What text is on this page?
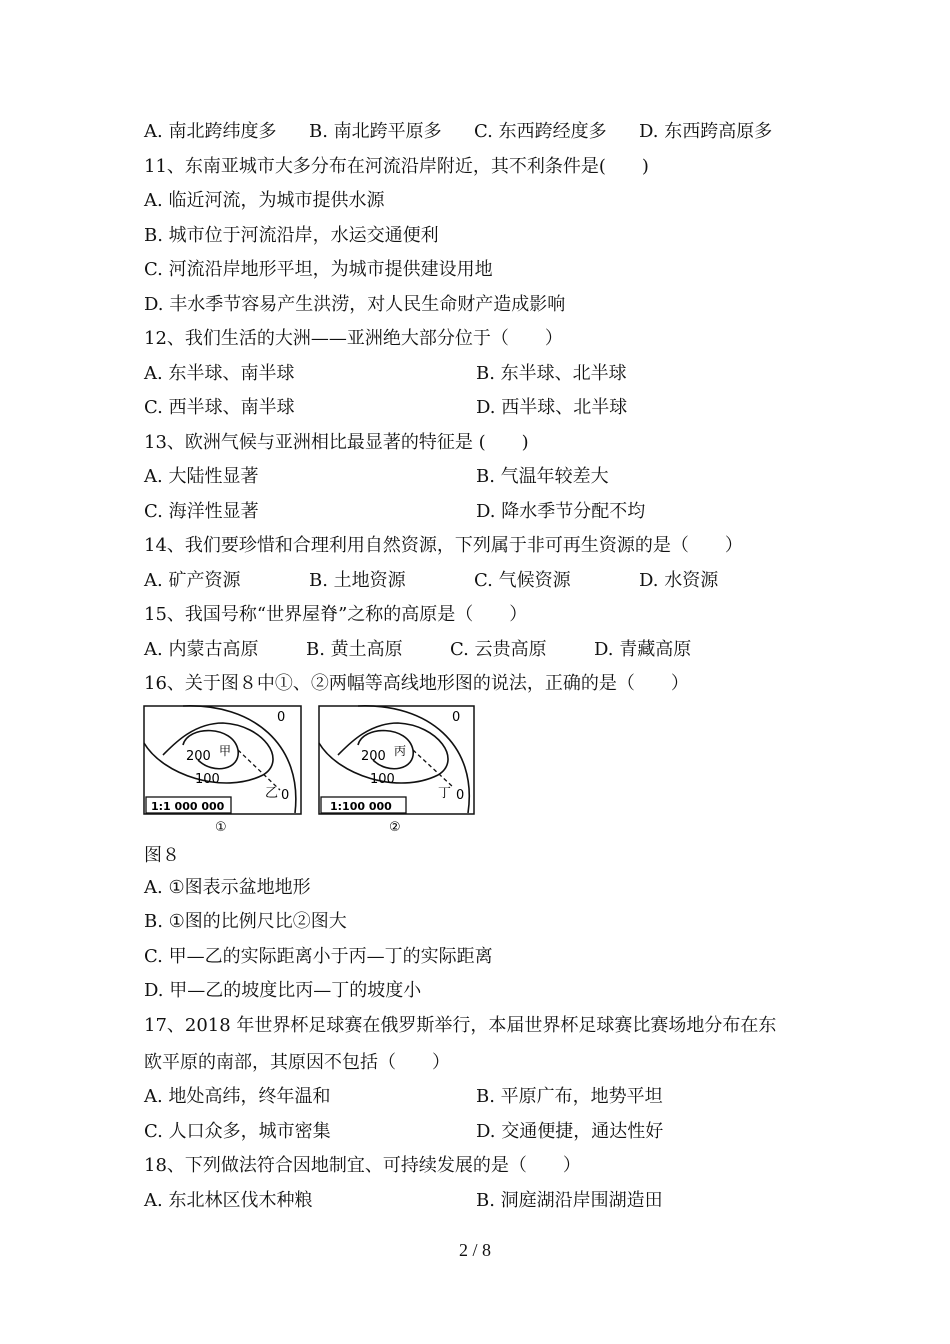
A. 南北跨纬度多 B. 南北跨平原多 C. 东西跨经度多 D. 东西跨高原多
11、东南亚城市大多分布在河流沿岸附近，其不利条件是(　　)
A. 临近河流，为城市提供水源
B. 城市位于河流沿岸，水运交通便利
C. 河流沿岸地形平坦，为城市提供建设用地
D. 丰水季节容易产生洪涝，对人民生命财产造成影响
12、我们生活的大洲——亚洲绝大部分位于（　　）
A. 东半球、南半球	B. 东半球、北半球
C. 西半球、南半球	D. 西半球、北半球
13、欧洲气候与亚洲相比最显著的特征是 (　　)
A. 大陆性显著	B. 气温年较差大
C. 海洋性显著	D. 降水季节分配不均
14、我们要珍惜和合理利用自然资源，下列属于非可再生资源的是（　　）
A. 矿产资源	B. 土地资源	C. 气候资源	D. 水资源
15、我国号称“世界屋脊”之称的高原是（　　）
A. 内蒙古高原	B. 黄土高原	C. 云贵高原	D. 青藏高原
16、关于图８中①、②两幅等高线地形图的说法，正确的是（　　）
图８
A. ①图表示盆地地形
B. ①图的比例尺比②图大
C. 甲—乙的实际距离小于丙—丁的实际距离
D. 甲—乙的坡度比丙—丁的坡度小
17、2018 年世界杯足球赛在俄罗斯举行，本届世界杯足球赛比赛场地分布在东
欧平原的南部，其原因不包括（　　）
A. 地处高纬，终年温和	B. 平原广布，地势平坦
C. 人口众多，城市密集	D. 交通便捷，通达性好
18、下列做法符合因地制宜、可持续发展的是（　　）
A. 东北林区伐木种粮	B. 洞庭湖沿岸围湖造田
200
100
0
0
甲
乙
1:1 000 000
①
200
100
0
0
丙
丁
1:100 000
②
2 / 8
